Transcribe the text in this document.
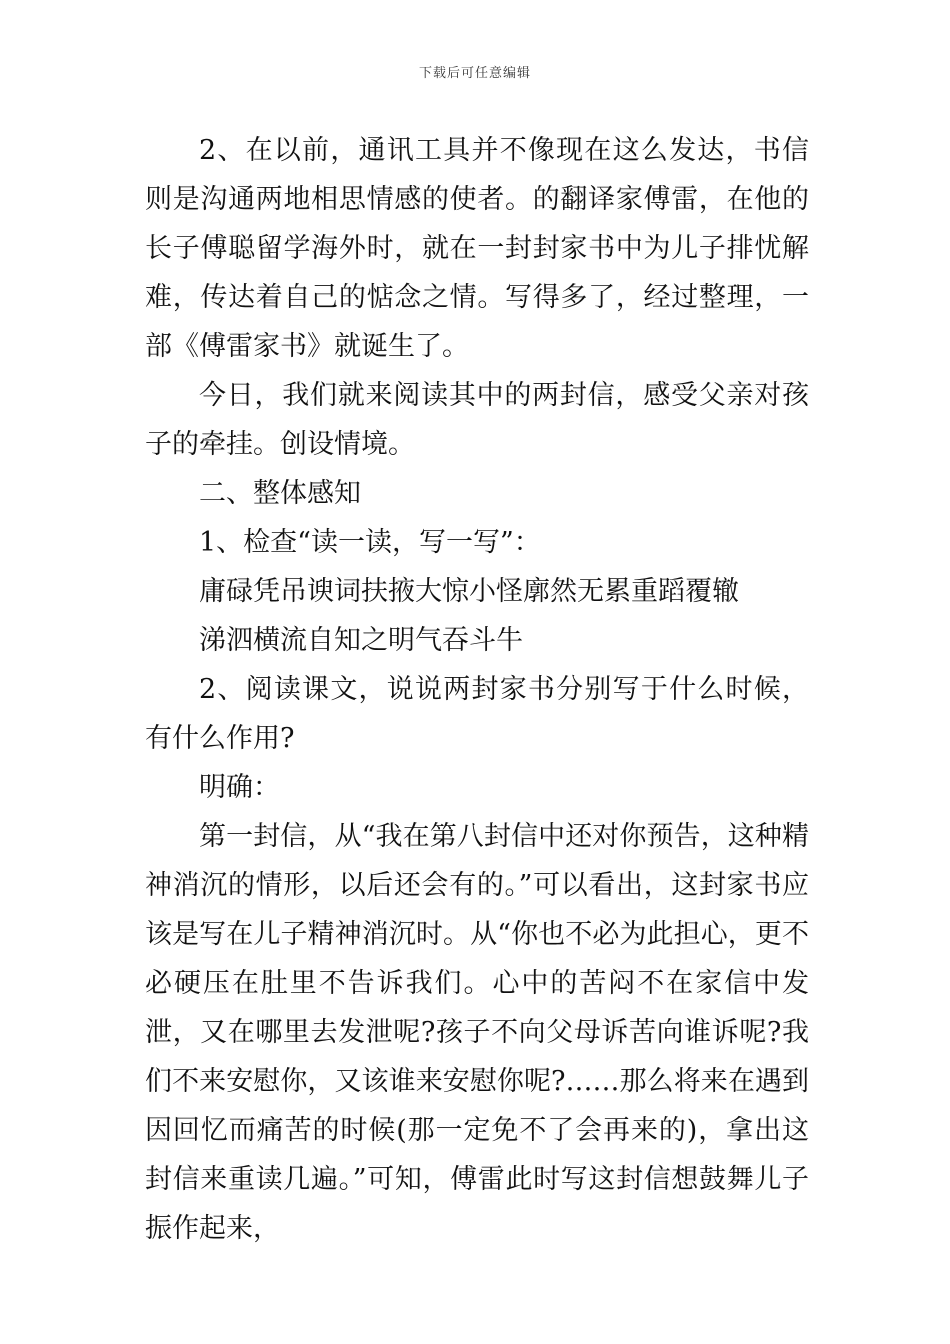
下载后可任意编辑

2、在以前，通讯工具并不像现在这么发达，书信则是沟通两地相思情感的使者。的翻译家傅雷，在他的长子傅聪留学海外时，就在一封封家书中为儿子排忧解难，传达着自己的惦念之情。写得多了，经过整理，一部《傅雷家书》就诞生了。

今日，我们就来阅读其中的两封信，感受父亲对孩子的牵挂。创设情境。

二、整体感知

1、检查“读一读，写一写”：

庸碌凭吊谀词扶掖大惊小怪廓然无累重蹈覆辙

涕泗横流自知之明气吞斗牛

2、阅读课文，说说两封家书分别写于什么时候，有什么作用?

明确：

第一封信，从“我在第八封信中还对你预告，这种精神消沉的情形，以后还会有的。”可以看出，这封家书应该是写在儿子精神消沉时。从“你也不必为此担心，更不必硬压在肚里不告诉我们。心中的苦闷不在家信中发泄，又在哪里去发泄呢?孩子不向父母诉苦向谁诉呢?我们不来安慰你，又该谁来安慰你呢?……那么将来在遇到因回忆而痛苦的时候(那一定免不了会再来的)，拿出这封信来重读几遍。”可知，傅雷此时写这封信想鼓舞儿子振作起来，
